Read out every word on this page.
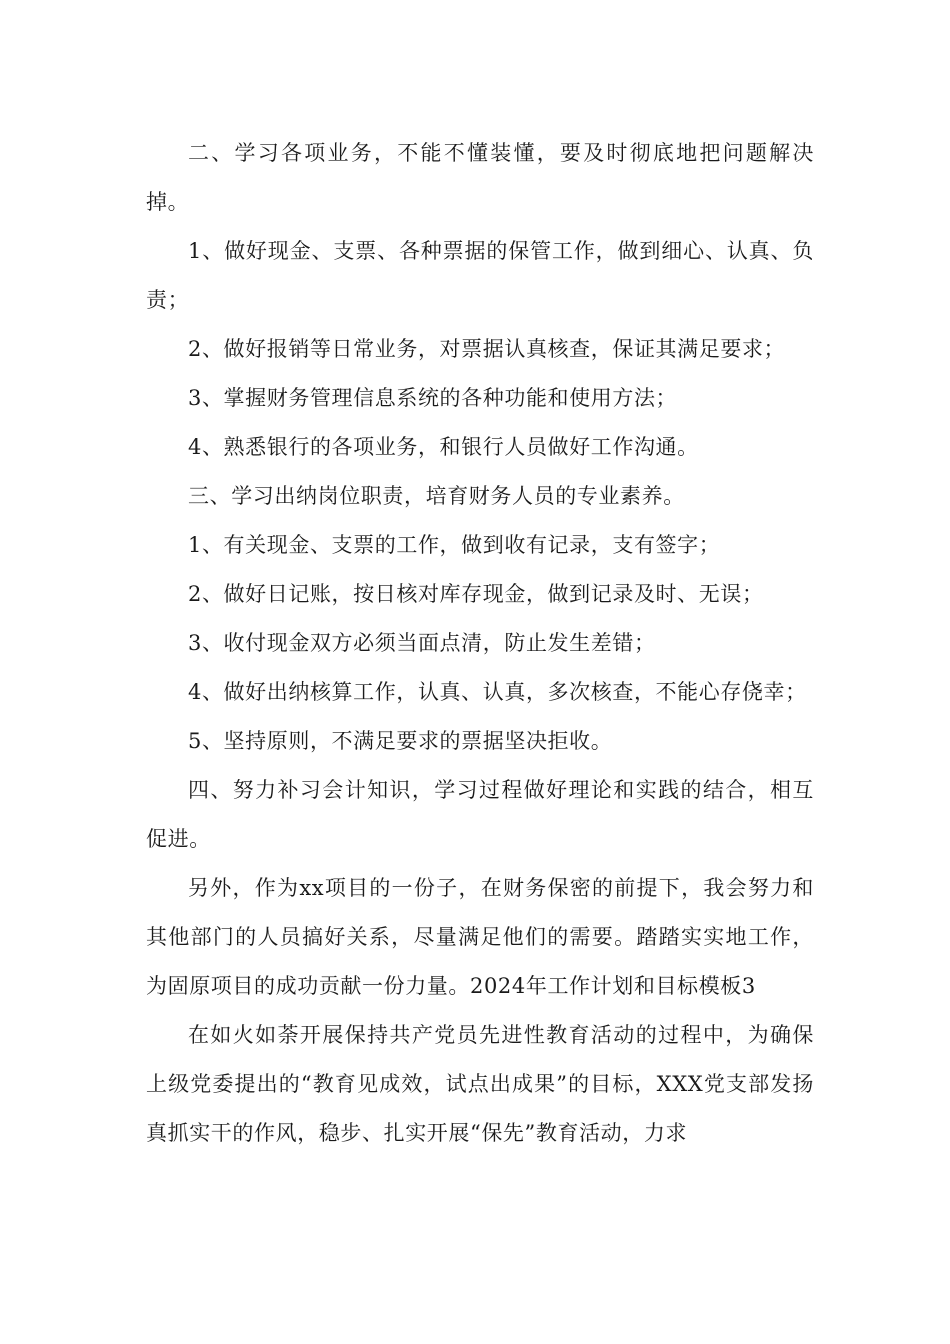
二、学习各项业务，不能不懂装懂，要及时彻底地把问题解决掉。

1、做好现金、支票、各种票据的保管工作，做到细心、认真、负责；

2、做好报销等日常业务，对票据认真核查，保证其满足要求；

3、掌握财务管理信息系统的各种功能和使用方法；

4、熟悉银行的各项业务，和银行人员做好工作沟通。

三、学习出纳岗位职责，培育财务人员的专业素养。

1、有关现金、支票的工作，做到收有记录，支有签字；

2、做好日记账，按日核对库存现金，做到记录及时、无误；

3、收付现金双方必须当面点清，防止发生差错；

4、做好出纳核算工作，认真、认真，多次核查，不能心存侥幸；

5、坚持原则，不满足要求的票据坚决拒收。

四、努力补习会计知识，学习过程做好理论和实践的结合，相互促进。

另外，作为xx项目的一份子，在财务保密的前提下，我会努力和其他部门的人员搞好关系，尽量满足他们的需要。踏踏实实地工作，为固原项目的成功贡献一份力量。2024年工作计划和目标模板3

在如火如荼开展保持共产党员先进性教育活动的过程中，为确保上级党委提出的“教育见成效，试点出成果”的目标，XXX党支部发扬真抓实干的作风，稳步、扎实开展“保先”教育活动，力求
